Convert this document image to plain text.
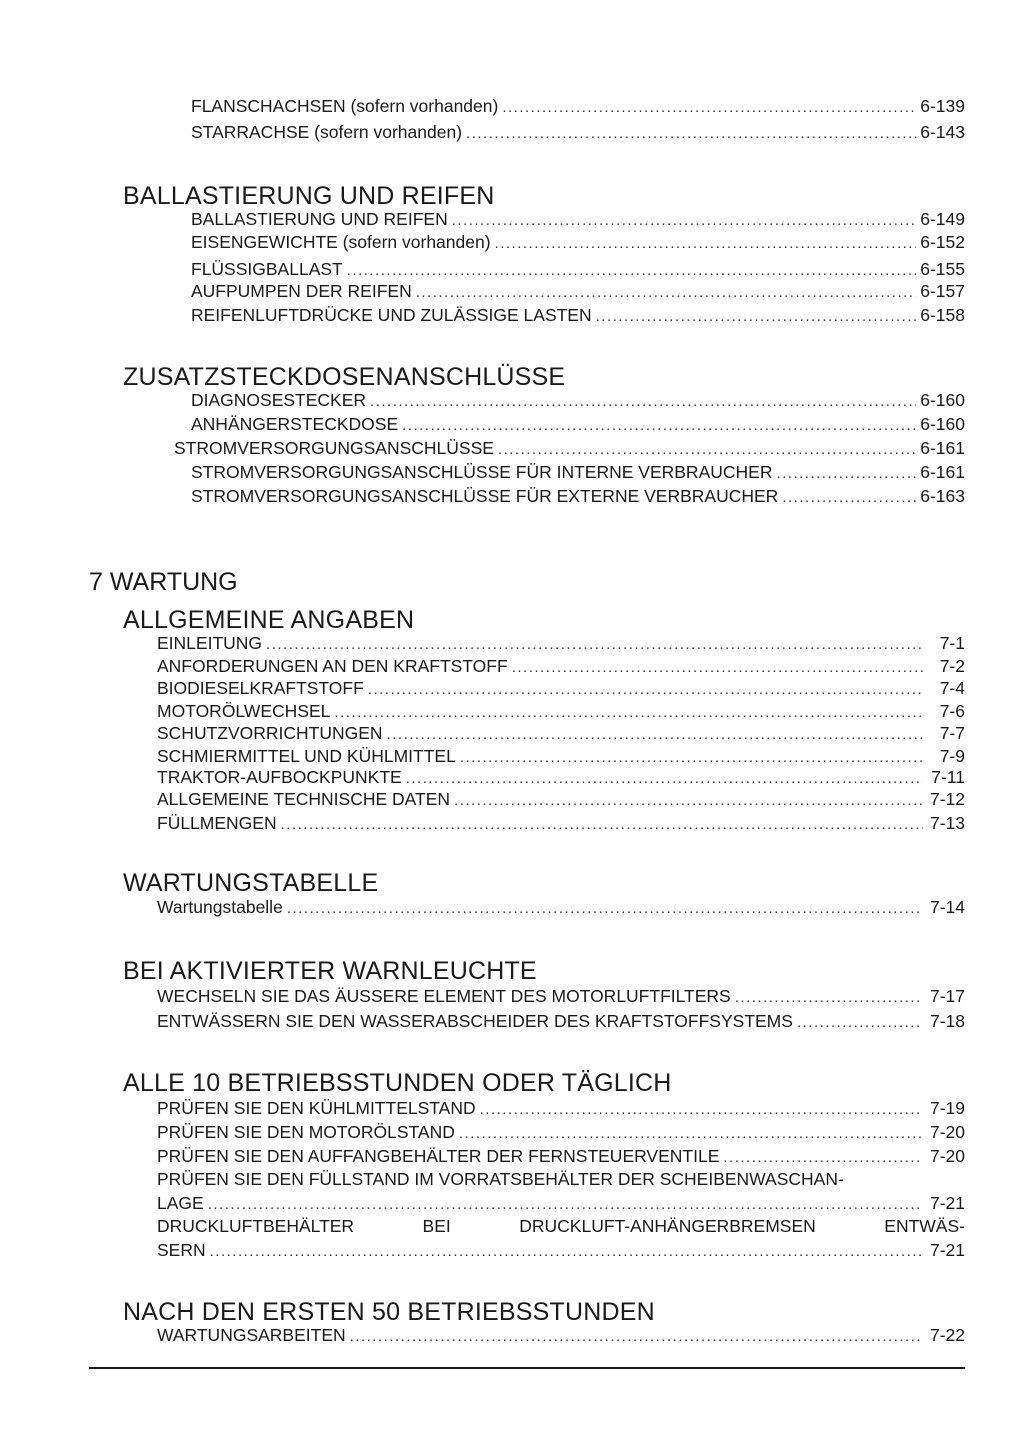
FLANSCHACHSEN (sofern vorhanden) .....	6-139
STARRACHSE (sofern vorhanden) .....	6-143
BALLASTIERUNG UND REIFEN
BALLASTIERUNG UND REIFEN .....	6-149
EISENGEWICHTE (sofern vorhanden) .....	6-152
FLÜSSIGBALLAST .....	6-155
AUFPUMPEN DER REIFEN .....	6-157
REIFENLUFTDRÜCKE UND ZULÄSSIGE LASTEN .....	6-158
ZUSATZSTECKDOSENANSCHLÜSSE
DIAGNOSESTECKER .....	6-160
ANHÄNGERSTECKDOSE .....	6-160
STROMVERSORGUNGSANSCHLÜSSE .....	6-161
STROMVERSORGUNGSANSCHLÜSSE FÜR INTERNE VERBRAUCHER .....	6-161
STROMVERSORGUNGSANSCHLÜSSE FÜR EXTERNE VERBRAUCHER .....	6-163
7 WARTUNG
ALLGEMEINE ANGABEN
EINLEITUNG .....	7-1
ANFORDERUNGEN AN DEN KRAFTSTOFF .....	7-2
BIODIESELKRAFTSTOFF .....	7-4
MOTORÖLWECHSEL .....	7-6
SCHUTZVORRICHTUNGEN .....	7-7
SCHMIERMITTEL UND KÜHLMITTEL .....	7-9
TRAKTOR-AUFBOCKPUNKTE .....	7-11
ALLGEMEINE TECHNISCHE DATEN .....	7-12
FÜLLMENGEN .....	7-13
WARTUNGSTABELLE
Wartungstabelle .....	7-14
BEI AKTIVIERTER WARNLEUCHTE
WECHSELN SIE DAS ÄUSSERE ELEMENT DES MOTORLUFTFILTERS .....	7-17
ENTWÄSSERN SIE DEN WASSERABSCHEIDER DES KRAFTSTOFFSYSTEMS .....	7-18
ALLE 10 BETRIEBSSTUNDEN ODER TÄGLICH
PRÜFEN SIE DEN KÜHLMITTELSTAND .....	7-19
PRÜFEN SIE DEN MOTORÖLSTAND .....	7-20
PRÜFEN SIE DEN AUFFANGBEHÄLTER DER FERNSTEUERVENTILE .....	7-20
PRÜFEN SIE DEN FÜLLSTAND IM VORRATSBEHÄLTER DER SCHEIBENWASCHAN-
LAGE .....	7-21
DRUCKLUFTBEHÄLTER	BEI	DRUCKLUFT-ANHÄNGERBREMSEN	ENTWÄS-
SERN .....	7-21
NACH DEN ERSTEN 50 BETRIEBSSTUNDEN
WARTUNGSARBEITEN .....	7-22
